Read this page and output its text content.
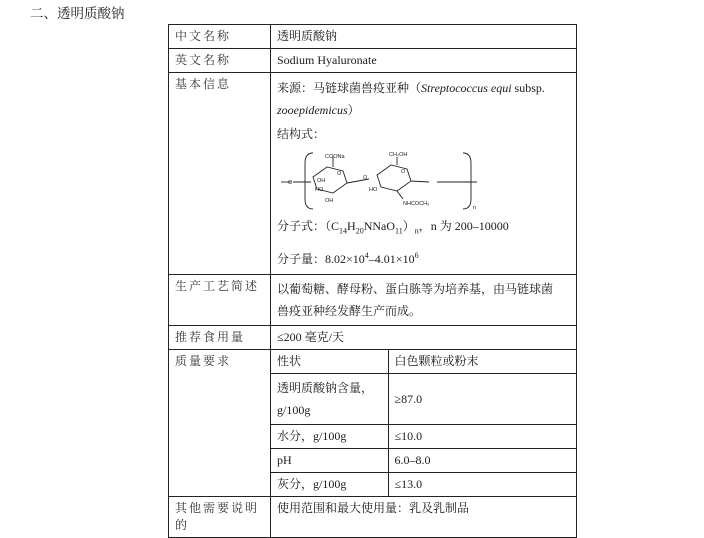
二、透明质酸钠
中文名称	透明质酸钠
英文名称	Sodium Hyaluronate
基本信息	来源：马链球菌兽疫亚种（Streptococcus equi subsp.
zooepidemicus）
结构式：
O
COONa
O
OH
HO
OH
O
CH₂OH
O
HO
NHCOCH₃
n
分子式：$(C_{14}H_{20}NNaO_{11})_n$，n 为 200–10000
分子量：$8.02\times 10^4-4.01\times 10^6$

生产工艺简述	以葡萄糖、酵母粉、蛋白胨等为培养基，由马链球菌
兽疫亚种经发酵生产而成。

推荐食用量	≤200 毫克/天
质量要求		性状	白色颗粒或粉末
透明质酸钠含量，g/100g	≥87.0
水分，g/100g	≤10.0
pH	6.0–8.0
灰分，g/100g	≤13.0

其他需要说明的	使用范围和最大使用量：乳及乳制品
